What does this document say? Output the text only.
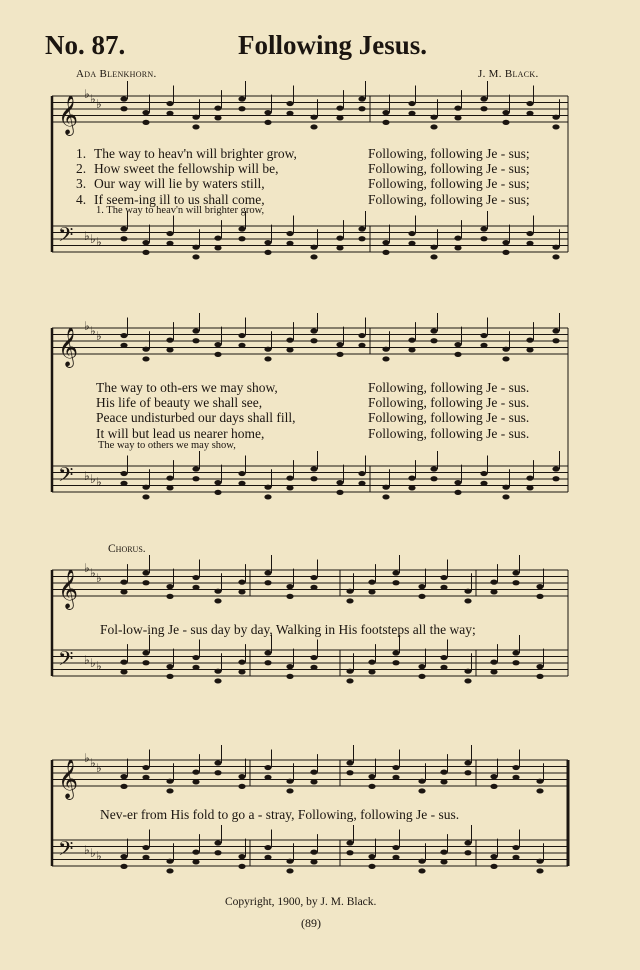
𝄞
♭ ♭ ♭
𝄢 ♭ ♭ ♭
𝄞
♭ ♭ ♭
𝄢 ♭ ♭ ♭
𝄞
♭ ♭ ♭
𝄢 ♭ ♭ ♭
𝄞
♭ ♭ ♭
𝄢 ♭ ♭ ♭
No. 87.	Following Jesus.
Ada Blenkhorn.	J. M. Black.
1. The way to heav'n will brighter grow,
2. How sweet the fellowship will be,
3. Our way will lie by waters still,
4. If seem-ing ill to us shall come,
Following, following Je - sus;
Following, following Je - sus;
Following, following Je - sus;
Following, following Je - sus;
1. The way to heav'n will brighter grow,
The way to oth-ers we may show,
His life of beauty we shall see,
Peace undisturbed our days shall fill,
It will but lead us nearer home,
Following, following Je - sus.
Following, following Je - sus.
Following, following Je - sus.
Following, following Je - sus.
The way to others we may show,
Chorus.
Fol-low-ing Je - sus day by day, Walking in His footsteps all the way;
Nev-er from His fold to go a - stray, Following, following Je - sus.
Copyright, 1900, by J. M. Black.
(89)
